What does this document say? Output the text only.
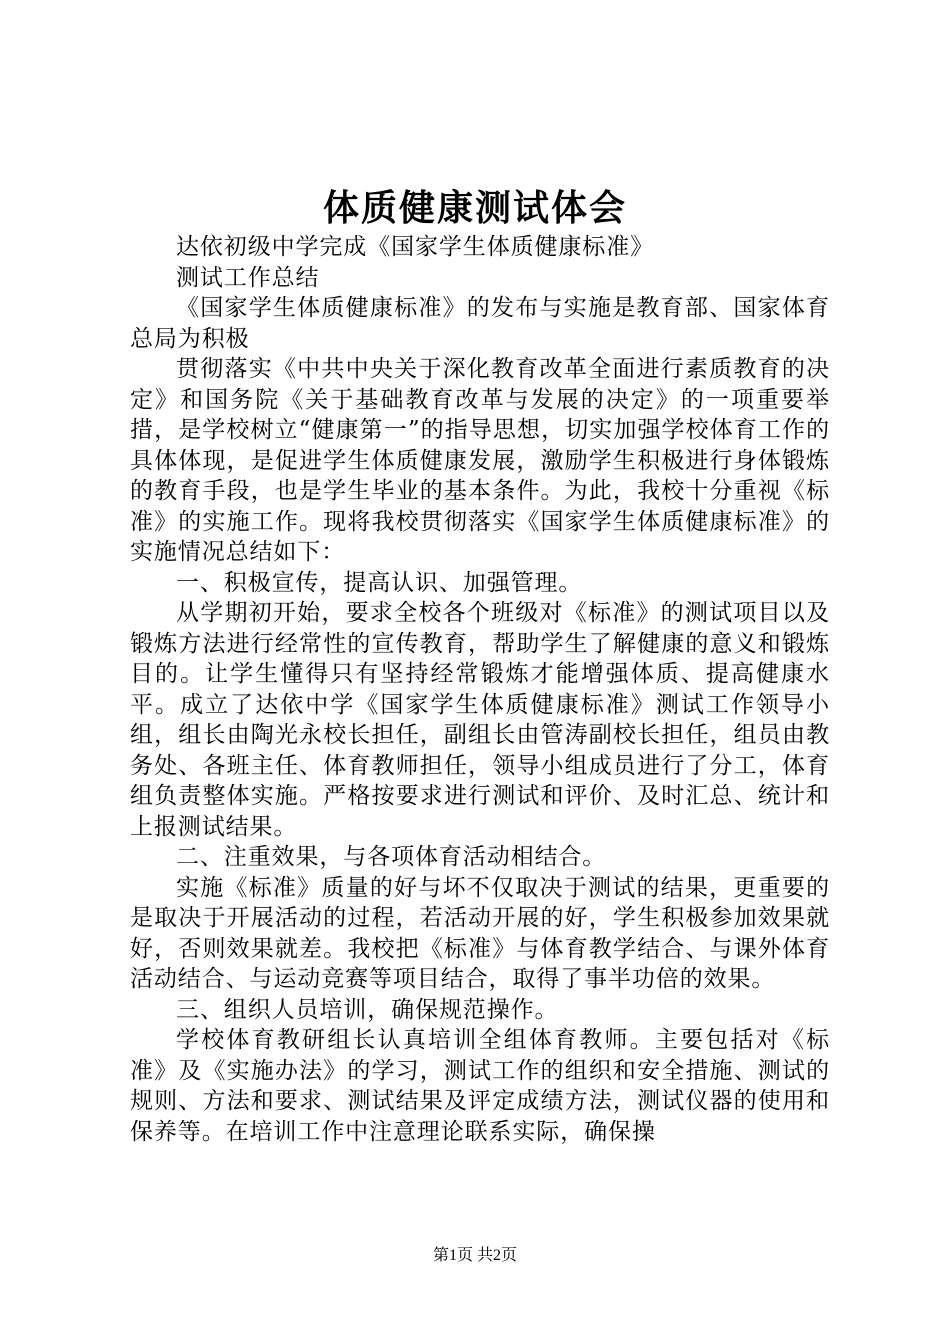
体质健康测试体会

达依初级中学完成《国家学生体质健康标准》

测试工作总结

《国家学生体质健康标准》的发布与实施是教育部、国家体育总局为积极

贯彻落实《中共中央关于深化教育改革全面进行素质教育的决定》和国务院《关于基础教育改革与发展的决定》的一项重要举措，是学校树立“健康第一”的指导思想，切实加强学校体育工作的具体体现，是促进学生体质健康发展，激励学生积极进行身体锻炼的教育手段，也是学生毕业的基本条件。为此，我校十分重视《标准》的实施工作。现将我校贯彻落实《国家学生体质健康标准》的实施情况总结如下：

一、积极宣传，提高认识、加强管理。

从学期初开始，要求全校各个班级对《标准》的测试项目以及锻炼方法进行经常性的宣传教育，帮助学生了解健康的意义和锻炼目的。让学生懂得只有坚持经常锻炼才能增强体质、提高健康水平。成立了达依中学《国家学生体质健康标准》测试工作领导小组，组长由陶光永校长担任，副组长由管涛副校长担任，组员由教务处、各班主任、体育教师担任，领导小组成员进行了分工，体育组负责整体实施。严格按要求进行测试和评价、及时汇总、统计和上报测试结果。

二、注重效果，与各项体育活动相结合。

实施《标准》质量的好与坏不仅取决于测试的结果，更重要的是取决于开展活动的过程，若活动开展的好，学生积极参加效果就好，否则效果就差。我校把《标准》与体育教学结合、与课外体育活动结合、与运动竞赛等项目结合，取得了事半功倍的效果。

三、组织人员培训，确保规范操作。

学校体育教研组长认真培训全组体育教师。主要包括对《标准》及《实施办法》的学习，测试工作的组织和安全措施、测试的规则、方法和要求、测试结果及评定成绩方法，测试仪器的使用和保养等。在培训工作中注意理论联系实际，确保操

第1页 共2页
